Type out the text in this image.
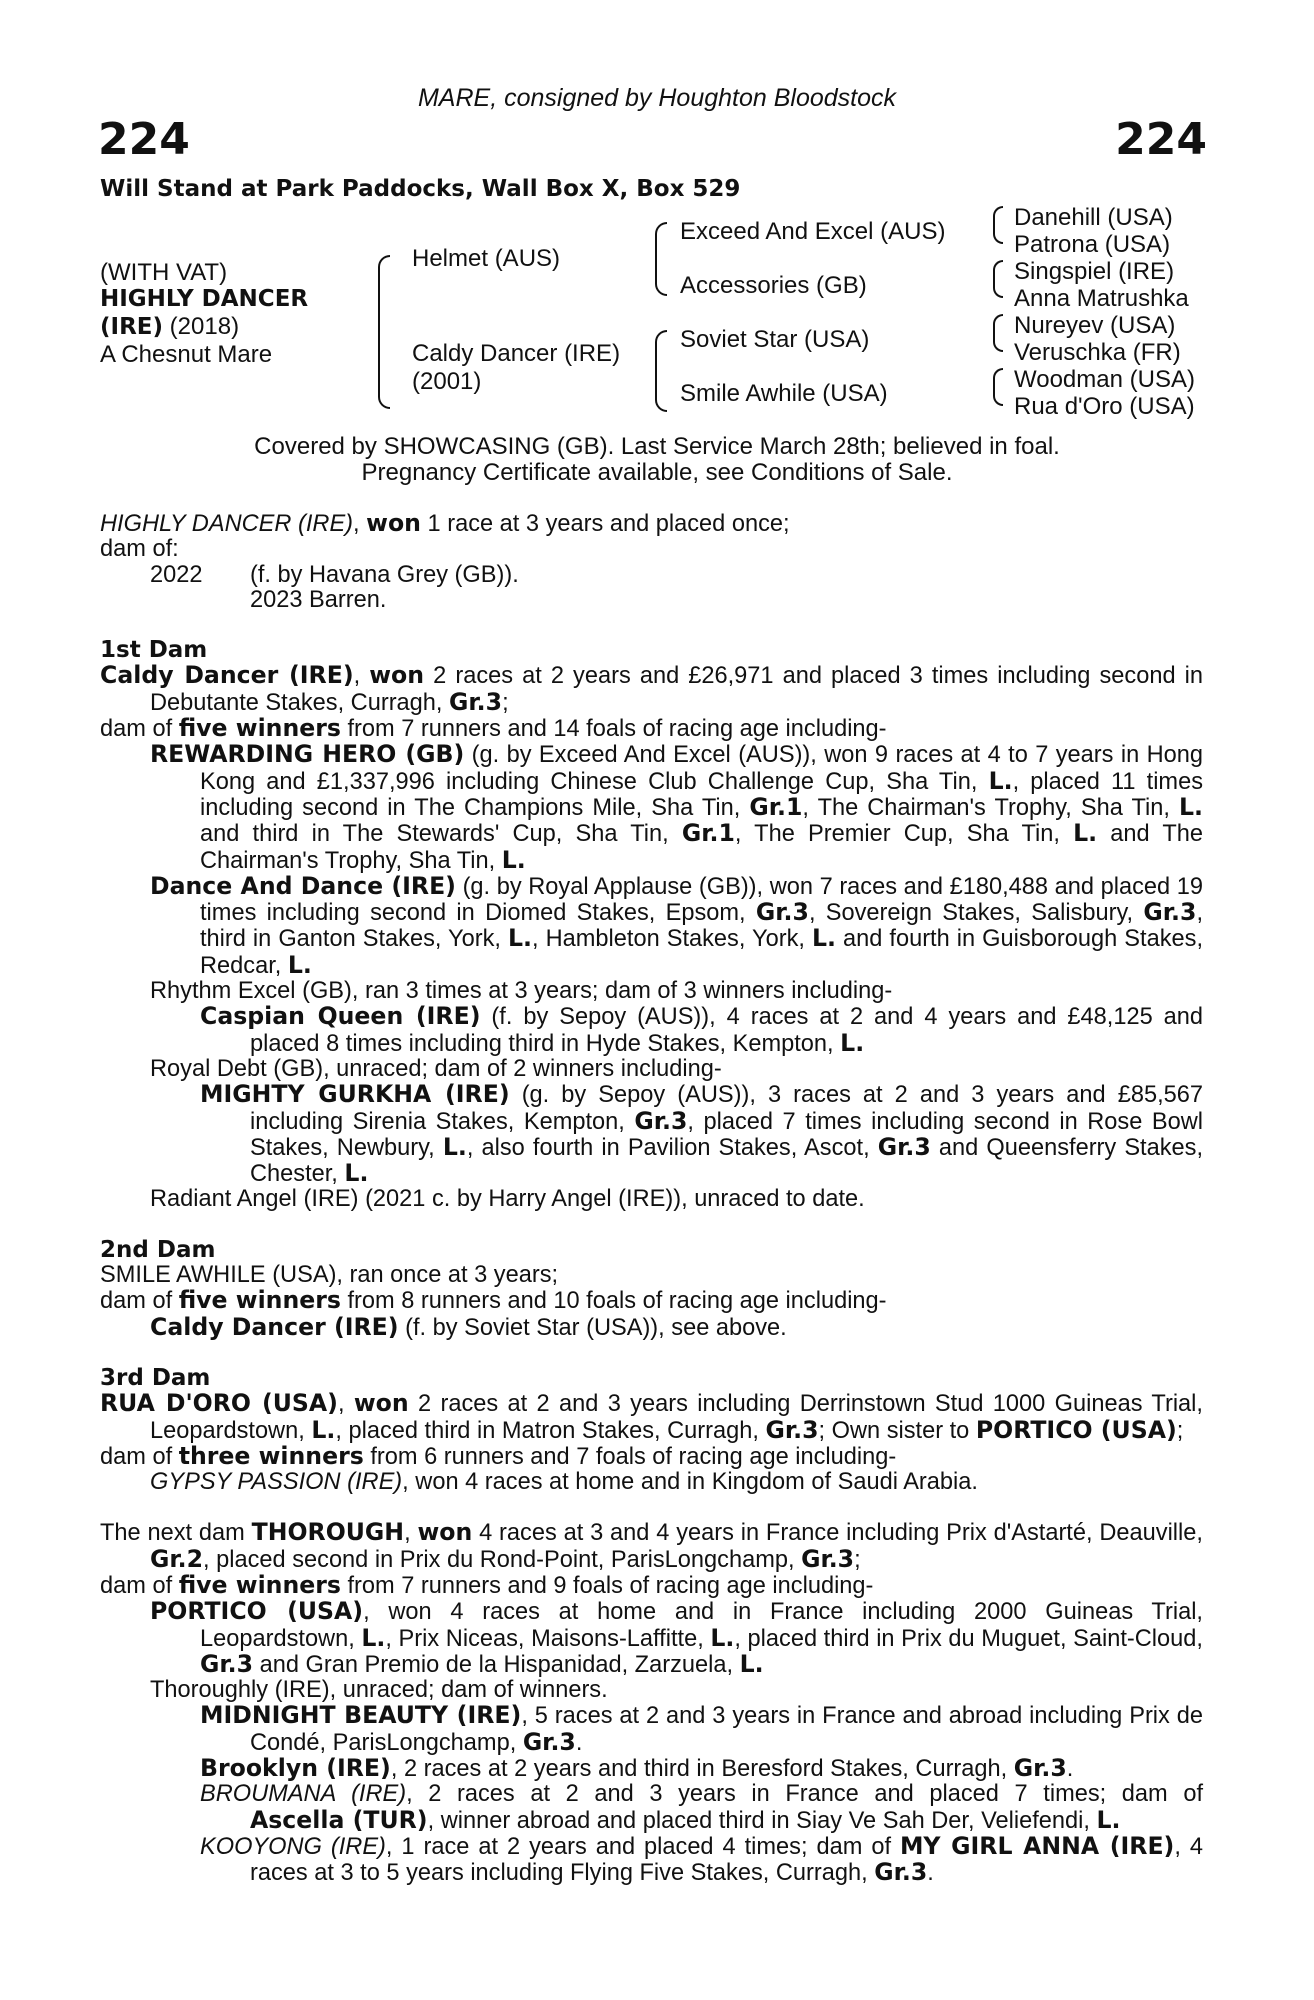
MARE, consigned by Houghton Bloodstock
224	224
Will Stand at Park Paddocks, Wall Box X, Box 529
(WITH VAT)
HIGHLY DANCER
(IRE) (2018)
A Chesnut Mare
Helmet (AUS)
Caldy Dancer (IRE)
(2001)
Exceed And Excel (AUS)
Accessories (GB)
Soviet Star (USA)
Smile Awhile (USA)
Danehill (USA)
Patrona (USA)
Singspiel (IRE)
Anna Matrushka
Nureyev (USA)
Veruschka (FR)
Woodman (USA)
Rua d'Oro (USA)
Covered by SHOWCASING (GB). Last Service March 28th; believed in foal.
Pregnancy Certificate available, see Conditions of Sale.

HIGHLY DANCER (IRE), won 1 race at 3 years and placed once;

dam of:

2022 (f. by Havana Grey (GB)).

2023 Barren.

1st Dam

Caldy Dancer (IRE), won 2 races at 2 years and £26,971 and placed 3 times including second in Debutante Stakes, Curragh, Gr.3;

dam of five winners from 7 runners and 14 foals of racing age including-

REWARDING HERO (GB) (g. by Exceed And Excel (AUS)), won 9 races at 4 to 7 years in Hong Kong and £1,337,996 including Chinese Club Challenge Cup, Sha Tin, L., placed 11 times including second in The Champions Mile, Sha Tin, Gr.1, The Chairman's Trophy, Sha Tin, L. and third in The Stewards' Cup, Sha Tin, Gr.1, The Premier Cup, Sha Tin, L. and The Chairman's Trophy, Sha Tin, L.

Dance And Dance (IRE) (g. by Royal Applause (GB)), won 7 races and £180,488 and placed 19 times including second in Diomed Stakes, Epsom, Gr.3, Sovereign Stakes, Salisbury, Gr.3, third in Ganton Stakes, York, L., Hambleton Stakes, York, L. and fourth in Guisborough Stakes, Redcar, L.

Rhythm Excel (GB), ran 3 times at 3 years; dam of 3 winners including-

Caspian Queen (IRE) (f. by Sepoy (AUS)), 4 races at 2 and 4 years and £48,125 and placed 8 times including third in Hyde Stakes, Kempton, L.

Royal Debt (GB), unraced; dam of 2 winners including-

MIGHTY GURKHA (IRE) (g. by Sepoy (AUS)), 3 races at 2 and 3 years and £85,567 including Sirenia Stakes, Kempton, Gr.3, placed 7 times including second in Rose Bowl Stakes, Newbury, L., also fourth in Pavilion Stakes, Ascot, Gr.3 and Queensferry Stakes, Chester, L.

Radiant Angel (IRE) (2021 c. by Harry Angel (IRE)), unraced to date.

2nd Dam

SMILE AWHILE (USA), ran once at 3 years;

dam of five winners from 8 runners and 10 foals of racing age including-

Caldy Dancer (IRE) (f. by Soviet Star (USA)), see above.

3rd Dam

RUA D'ORO (USA), won 2 races at 2 and 3 years including Derrinstown Stud 1000 Guineas Trial, Leopardstown, L., placed third in Matron Stakes, Curragh, Gr.3; Own sister to PORTICO (USA);

dam of three winners from 6 runners and 7 foals of racing age including-

GYPSY PASSION (IRE), won 4 races at home and in Kingdom of Saudi Arabia.

The next dam THOROUGH, won 4 races at 3 and 4 years in France including Prix d'Astarté, Deauville, Gr.2, placed second in Prix du Rond-Point, ParisLongchamp, Gr.3;

dam of five winners from 7 runners and 9 foals of racing age including-

PORTICO (USA), won 4 races at home and in France including 2000 Guineas Trial, Leopardstown, L., Prix Niceas, Maisons-Laffitte, L., placed third in Prix du Muguet, Saint-Cloud, Gr.3 and Gran Premio de la Hispanidad, Zarzuela, L.

Thoroughly (IRE), unraced; dam of winners.

MIDNIGHT BEAUTY (IRE), 5 races at 2 and 3 years in France and abroad including Prix de Condé, ParisLongchamp, Gr.3.

Brooklyn (IRE), 2 races at 2 years and third in Beresford Stakes, Curragh, Gr.3.

BROUMANA (IRE), 2 races at 2 and 3 years in France and placed 7 times; dam of

Ascella (TUR), winner abroad and placed third in Siay Ve Sah Der, Veliefendi, L.

KOOYONG (IRE), 1 race at 2 years and placed 4 times; dam of MY GIRL ANNA (IRE), 4 races at 3 to 5 years including Flying Five Stakes, Curragh, Gr.3.
